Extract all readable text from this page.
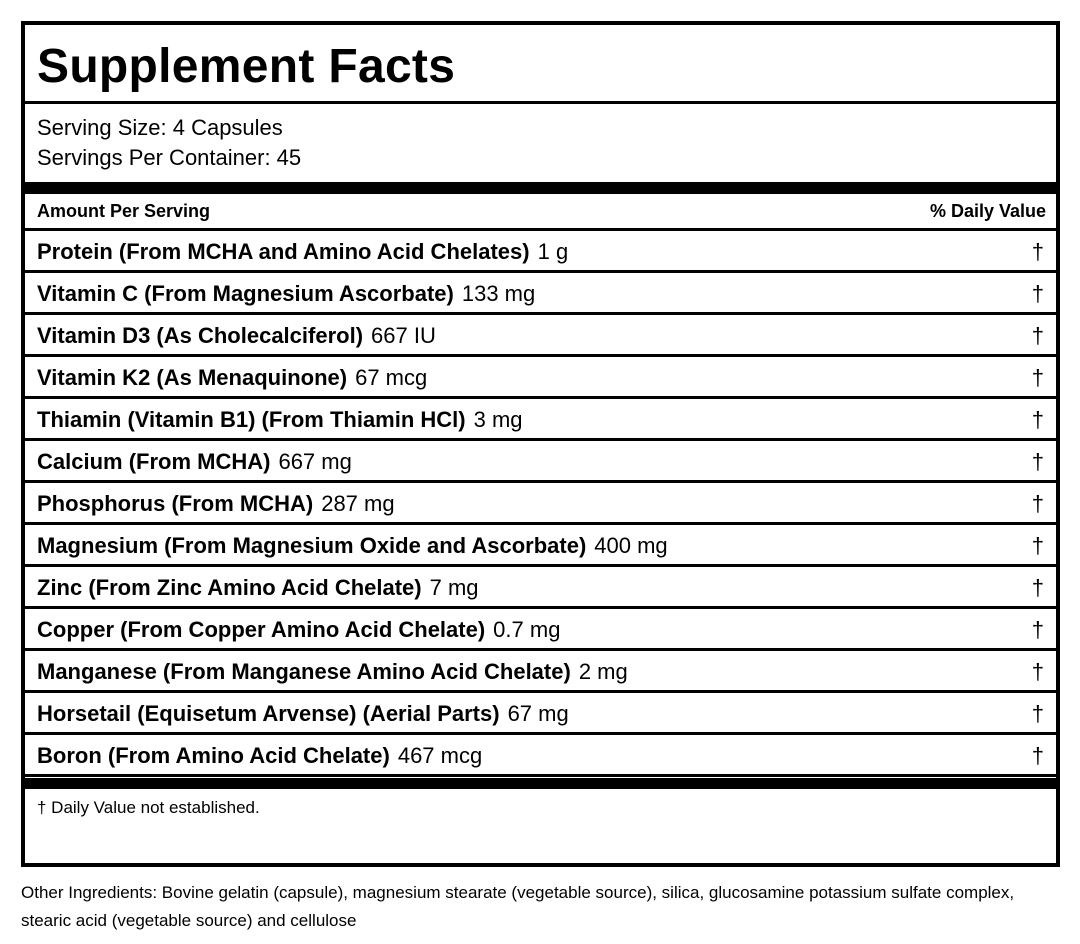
Supplement Facts
Serving Size: 4 Capsules
Servings Per Container: 45
Amount Per Serving	% Daily Value
Protein (From MCHA and Amino Acid Chelates) 1 g	†
Vitamin C (From Magnesium Ascorbate) 133 mg	†
Vitamin D3 (As Cholecalciferol) 667 IU	†
Vitamin K2 (As Menaquinone) 67 mcg	†
Thiamin (Vitamin B1) (From Thiamin HCl) 3 mg	†
Calcium (From MCHA) 667 mg	†
Phosphorus (From MCHA) 287 mg	†
Magnesium (From Magnesium Oxide and Ascorbate) 400 mg	†
Zinc (From Zinc Amino Acid Chelate) 7 mg	†
Copper (From Copper Amino Acid Chelate) 0.7 mg	†
Manganese (From Manganese Amino Acid Chelate) 2 mg	†
Horsetail (Equisetum Arvense) (Aerial Parts) 67 mg	†
Boron (From Amino Acid Chelate) 467 mcg	†
† Daily Value not established.
Other Ingredients: Bovine gelatin (capsule), magnesium stearate (vegetable source), silica, glucosamine potassium sulfate complex, stearic acid (vegetable source) and cellulose
